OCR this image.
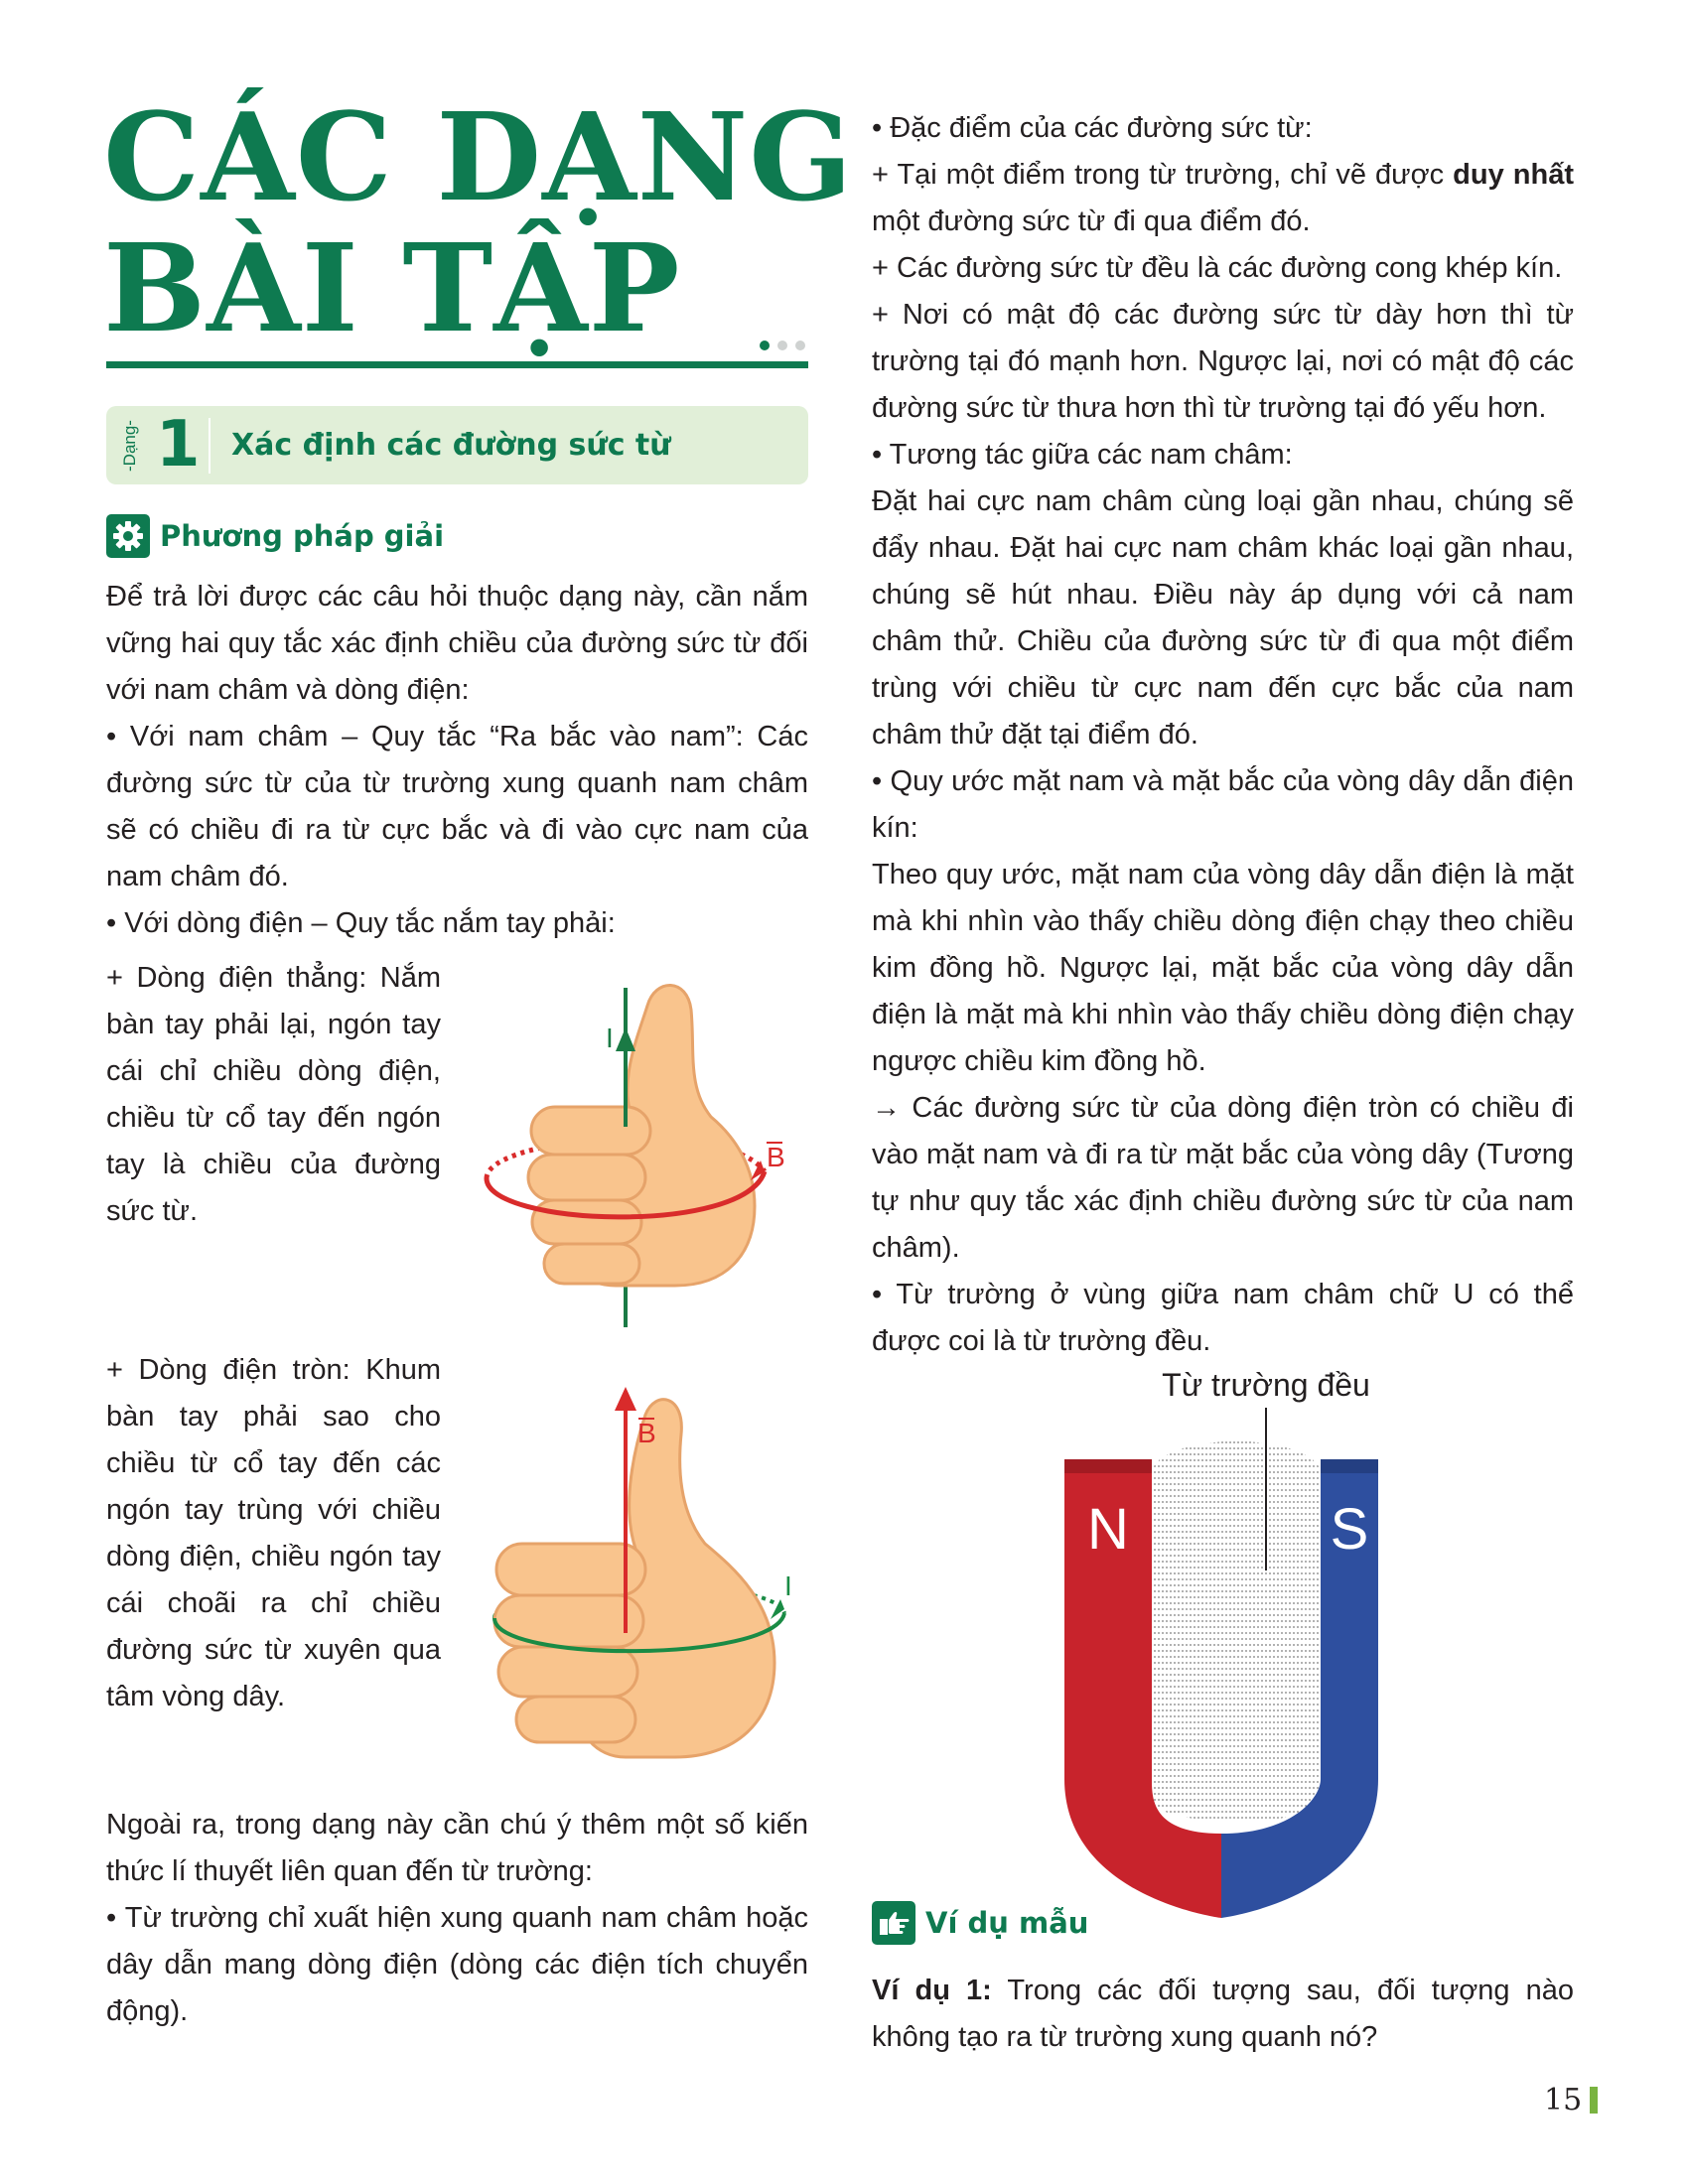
CÁC DẠNG
BÀI TẬP
-Dạng- 1 Xác định các đường sức từ
Phương pháp giải

Để trả lời được các câu hỏi thuộc dạng này, cần nắm vững hai quy tắc xác định chiều của đường sức từ đối với nam châm và dòng điện:

• Với nam châm – Quy tắc “Ra bắc vào nam”: Các đường sức từ của từ trường xung quanh nam châm sẽ có chiều đi ra từ cực bắc và đi vào cực nam của nam châm đó.

• Với dòng điện – Quy tắc nắm tay phải:

+ Dòng điện thẳng: Nắm bàn tay phải lại, ngón tay cái chỉ chiều dòng điện, chiều từ cổ tay đến ngón tay là chiều của đường sức từ.
+ Dòng điện tròn: Khum bàn tay phải sao cho chiều từ cổ tay đến các ngón tay trùng với chiều dòng điện, chiều ngón tay cái choãi ra chỉ chiều đường sức từ xuyên qua tâm vòng dây.
I
B
B
I

Ngoài ra, trong dạng này cần chú ý thêm một số kiến thức lí thuyết liên quan đến từ trường:

• Từ trường chỉ xuất hiện xung quanh nam châm hoặc dây dẫn mang dòng điện (dòng các điện tích chuyển động).

• Đặc điểm của các đường sức từ:

+ Tại một điểm trong từ trường, chỉ vẽ được duy nhất một đường sức từ đi qua điểm đó.

+ Các đường sức từ đều là các đường cong khép kín.

+ Nơi có mật độ các đường sức từ dày hơn thì từ trường tại đó mạnh hơn. Ngược lại, nơi có mật độ các đường sức từ thưa hơn thì từ trường tại đó yếu hơn.

• Tương tác giữa các nam châm:

Đặt hai cực nam châm cùng loại gần nhau, chúng sẽ đẩy nhau. Đặt hai cực nam châm khác loại gần nhau, chúng sẽ hút nhau. Điều này áp dụng với cả nam châm thử. Chiều của đường sức từ đi qua một điểm trùng với chiều từ cực nam đến cực bắc của nam châm thử đặt tại điểm đó.

• Quy ước mặt nam và mặt bắc của vòng dây dẫn điện kín:

Theo quy ước, mặt nam của vòng dây dẫn điện là mặt mà khi nhìn vào thấy chiều dòng điện chạy theo chiều kim đồng hồ. Ngược lại, mặt bắc của vòng dây dẫn điện là mặt mà khi nhìn vào thấy chiều dòng điện chạy ngược chiều kim đồng hồ.

→ Các đường sức từ của dòng điện tròn có chiều đi vào mặt nam và đi ra từ mặt bắc của vòng dây (Tương tự như quy tắc xác định chiều đường sức từ của nam châm).

• Từ trường ở vùng giữa nam châm chữ U có thể được coi là từ trường đều.

Từ trường đều
N	S
Ví dụ mẫu
Ví dụ 1: Trong các đối tượng sau, đối tượng nào không tạo ra từ trường xung quanh nó?
15
